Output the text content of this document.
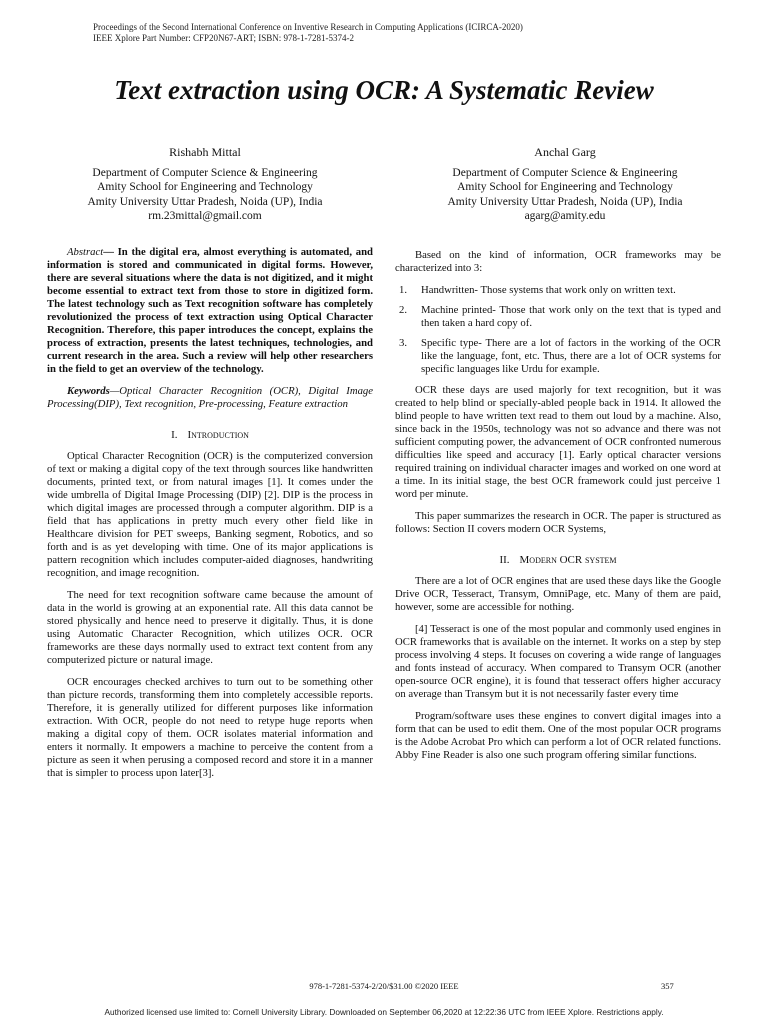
Proceedings of the Second International Conference on Inventive Research in Computing Applications (ICIRCA-2020)
IEEE Xplore Part Number: CFP20N67-ART; ISBN: 978-1-7281-5374-2
Text extraction using OCR: A Systematic Review
Rishabh Mittal
Department of Computer Science & Engineering
Amity School for Engineering and Technology
Amity University Uttar Pradesh, Noida (UP), India
rm.23mittal@gmail.com
Anchal Garg
Department of Computer Science & Engineering
Amity School for Engineering and Technology
Amity University Uttar Pradesh, Noida (UP), India
agarg@amity.edu

Abstract— In the digital era, almost everything is automated, and information is stored and communicated in digital forms. However, there are several situations where the data is not digitized, and it might become essential to extract text from those to store in digitized form. The latest technology such as Text recognition software has completely revolutionized the process of text extraction using Optical Character Recognition. Therefore, this paper introduces the concept, explains the process of extraction, presents the latest techniques, technologies, and current research in the area. Such a review will help other researchers in the field to get an overview of the technology.

Keywords—Optical Character Recognition (OCR), Digital Image Processing(DIP), Text recognition, Pre-processing, Feature extraction

I. Introduction

Optical Character Recognition (OCR) is the computerized conversion of text or making a digital copy of the text through sources like handwritten documents, printed text, or from natural images [1]. It comes under the wide umbrella of Digital Image Processing (DIP) [2]. DIP is the process in which digital images are processed through a computer algorithm. DIP is a field that has applications in pretty much every other field like in Healthcare division for PET sweeps, Banking segment, Robotics, and so forth and is as yet developing with time. One of its major applications is pattern recognition which includes computer-aided diagnoses, handwriting recognition, and image recognition.

The need for text recognition software came because the amount of data in the world is growing at an exponential rate. All this data cannot be stored physically and hence need to preserve it digitally. Thus, it is done using Automatic Character Recognition, which utilizes OCR. OCR frameworks are these days normally used to extract text content from any computerized picture or natural image.

OCR encourages checked archives to turn out to be something other than picture records, transforming them into completely accessible reports. Therefore, it is generally utilized for different purposes like information extraction. With OCR, people do not need to retype huge reports when making a digital copy of them. OCR isolates material information and enters it normally. It empowers a machine to perceive the content from a picture as seen it when perusing a composed record and store it in a manner that is simpler to process upon later[3].

Based on the kind of information, OCR frameworks may be characterized into 3:

1. Handwritten- Those systems that work only on written text.
2. Machine printed- Those that work only on the text that is typed and then taken a hard copy of.
3. Specific type- There are a lot of factors in the working of the OCR like the language, font, etc. Thus, there are a lot of OCR systems for specific languages like Urdu for example.

OCR these days are used majorly for text recognition, but it was created to help blind or specially-abled people back in 1914. It allowed the blind people to have written text read to them out loud by a machine. Also, since back in the 1950s, technology was not so advance and there was not sufficient computing power, the advancement of OCR confronted numerous difficulties like speed and accuracy [1]. Early optical character versions required training on individual character images and worked on one word at a time. In its initial stage, the best OCR framework could just perceive 1 word per minute.

This paper summarizes the research in OCR. The paper is structured as follows: Section II covers modern OCR Systems,

II. Modern OCR system

There are a lot of OCR engines that are used these days like the Google Drive OCR, Tesseract, Transym, OmniPage, etc. Many of them are paid, however, some are accessible for nothing.

[4] Tesseract is one of the most popular and commonly used engines in OCR frameworks that is available on the internet. It works on a step by step process involving 4 steps. It focuses on covering a wide range of languages and fonts instead of accuracy. When compared to Transym OCR (another open-source OCR engine), it is found that tesseract offers higher accuracy on average than Transym but it is not necessarily faster every time

Program/software uses these engines to convert digital images into a form that can be used to edit them. One of the most popular OCR programs is the Adobe Acrobat Pro which can perform a lot of OCR related functions. Abby Fine Reader is also one such program offering similar functions.

978-1-7281-5374-2/20/$31.00 ©2020 IEEE	357
Authorized licensed use limited to: Cornell University Library. Downloaded on September 06,2020 at 12:22:36 UTC from IEEE Xplore. Restrictions apply.
